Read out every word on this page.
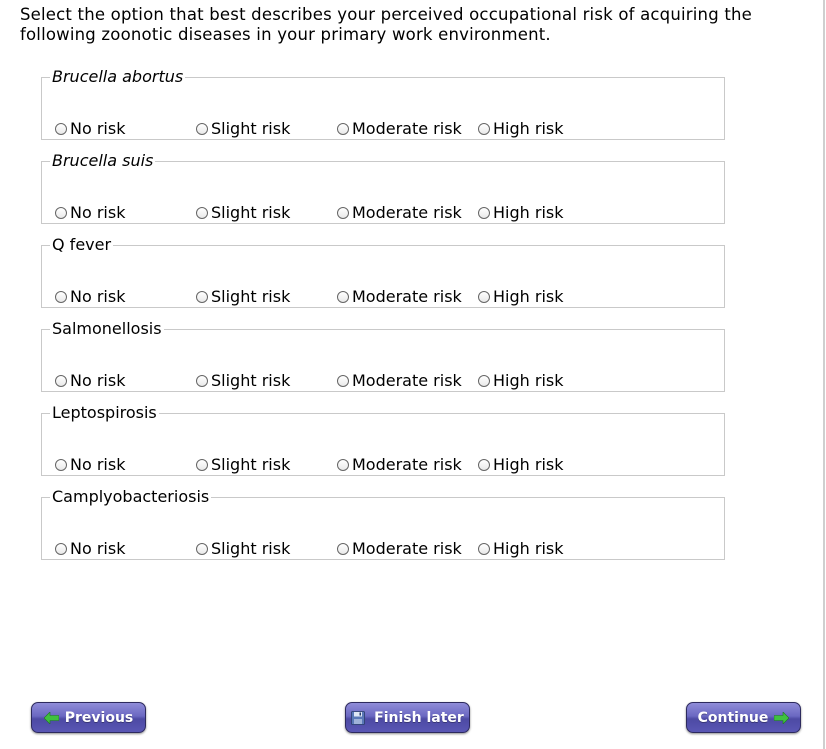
Select the option that best describes your perceived occupational risk of acquiring the following zoonotic diseases in your primary work environment.
Brucella abortus
No risk	Slight risk	Moderate risk High risk
Brucella suis
No risk	Slight risk	Moderate risk High risk
Q fever
No risk	Slight risk	Moderate risk High risk
Salmonellosis
No risk	Slight risk	Moderate risk High risk
Leptospirosis
No risk	Slight risk	Moderate risk High risk
Camplyobacteriosis
No risk	Slight risk	Moderate risk High risk
Previous	Finish later	Continue
